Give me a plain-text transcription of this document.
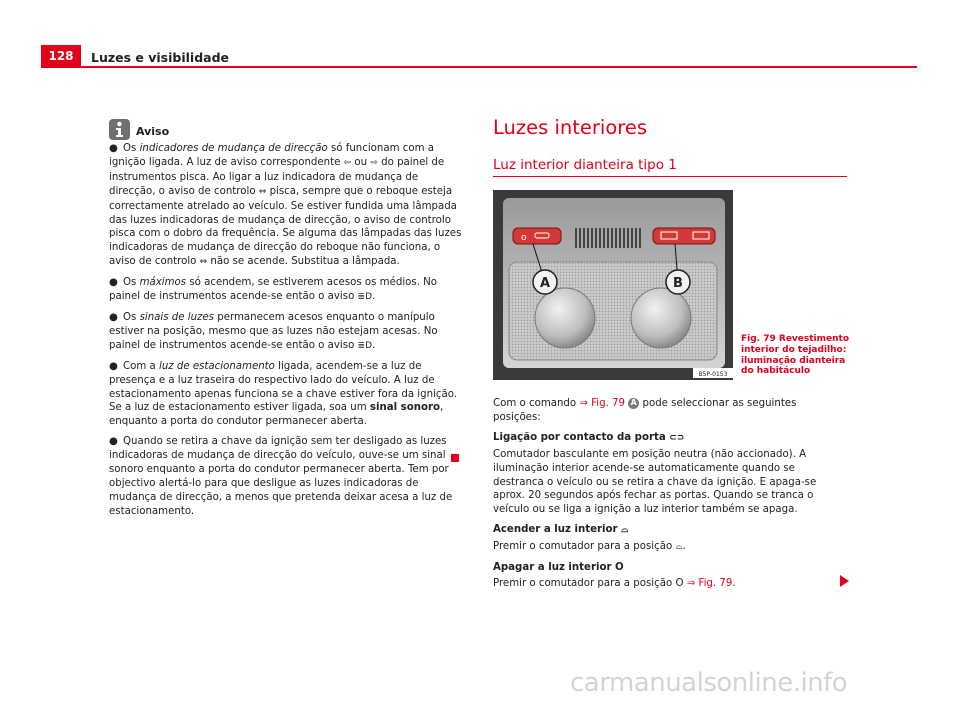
128	Luzes e visibilidade
Aviso

● Os indicadores de mudança de direcção só funcionam com a ignição ligada. A luz de aviso correspondente ⇦ ou ⇨ do painel de instrumentos pisca. Ao ligar a luz indicadora de mudança de direcção, o aviso de controlo ⇔ pisca, sempre que o reboque esteja correctamente atrelado ao veículo. Se estiver fundida uma lâmpada das luzes indicadoras de mudança de direcção, o aviso de controlo pisca com o dobro da frequência. Se alguma das lâmpadas das luzes indicadoras de mudança de direcção do reboque não funciona, o aviso de controlo ⇔ não se acende. Substitua a lâmpada.

● Os máximos só acendem, se estiverem acesos os médios. No painel de instrumentos acende-se então o aviso ≣D.

● Os sinais de luzes permanecem acesos enquanto o manípulo estiver na posição, mesmo que as luzes não estejam acesas. No painel de instrumentos acende-se então o aviso ≣D.

● Com a luz de estacionamento ligada, acendem-se a luz de presença e a luz traseira do respectivo lado do veículo. A luz de estacionamento apenas funciona se a chave estiver fora da ignição. Se a luz de estacionamento estiver ligada, soa um sinal sonoro, enquanto a porta do condutor permanecer aberta.

● Quando se retira a chave da ignição sem ter desligado as luzes indicadoras de mudança de direcção do veículo, ouve-se um sinal sonoro enquanto a porta do condutor permanecer aberta. Tem por objectivo alertá-lo para que desligue as luzes indicadoras de mudança de direcção, a menos que pretenda deixar acesa a luz de estacionamento.

Luzes interiores
Luz interior dianteira tipo 1
o
A	B
B5P-0153
Fig. 79 Revestimento interior do tejadilho: iluminação dianteira do habitáculo

Com o comando ⇒ Fig. 79 A pode seleccionar as seguintes posições:

Ligação por contacto da porta ⊂⊃

Comutador basculante em posição neutra (não accionado). A iluminação interior acende-se automaticamente quando se destranca o veículo ou se retira a chave da ignição. E apaga-se aprox. 20 segundos após fechar as portas. Quando se tranca o veículo ou se liga a ignição a luz interior também se apaga.

Acender a luz interior ⌓

Premir o comutador para a posição ⌓.

Apagar a luz interior O

Premir o comutador para a posição O ⇒ Fig. 79.

carmanualsonline.info
